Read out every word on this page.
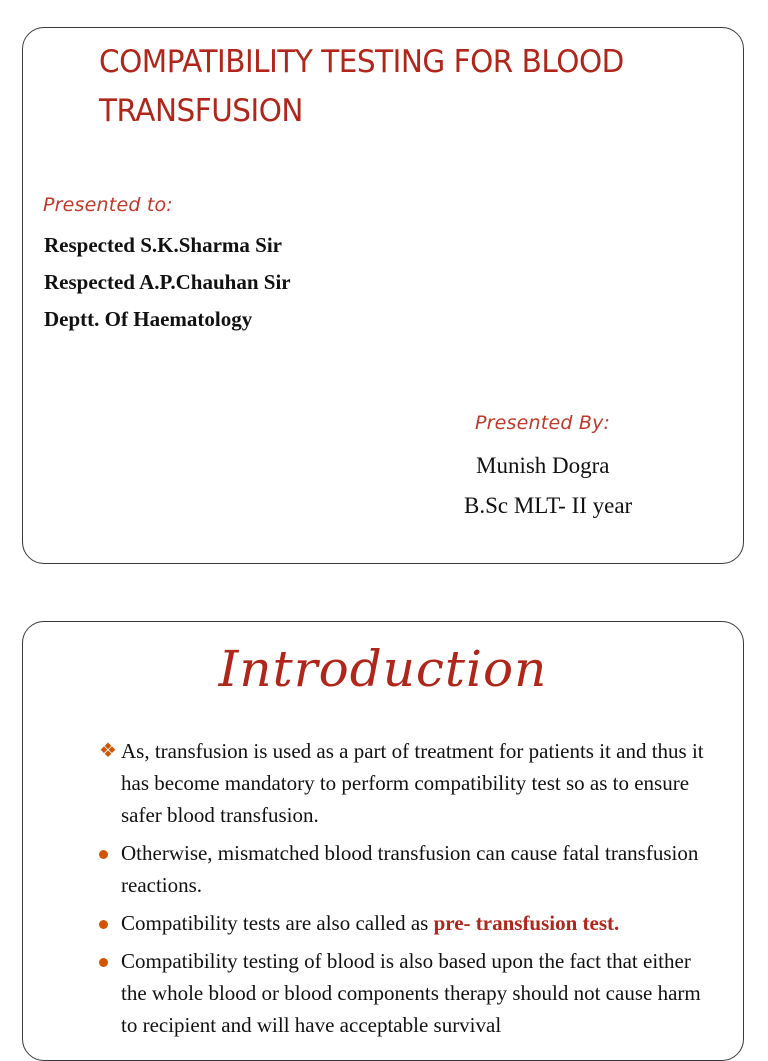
COMPATIBILITY TESTING FOR BLOOD TRANSFUSION
Presented to:
Respected S.K.Sharma Sir
Respected A.P.Chauhan Sir
Deptt. Of Haematology
Presented By:
Munish Dogra
B.Sc MLT- II year
Introduction
❖ As, transfusion is used as a part of treatment for patients it and thus it has become mandatory to perform compatibility test so as to ensure safer blood transfusion.
Otherwise, mismatched blood transfusion can cause fatal transfusion reactions.
Compatibility tests are also called as pre- transfusion test.
Compatibility testing of blood is also based upon the fact that either the whole blood or blood components therapy should not cause harm to recipient and will have acceptable survival
